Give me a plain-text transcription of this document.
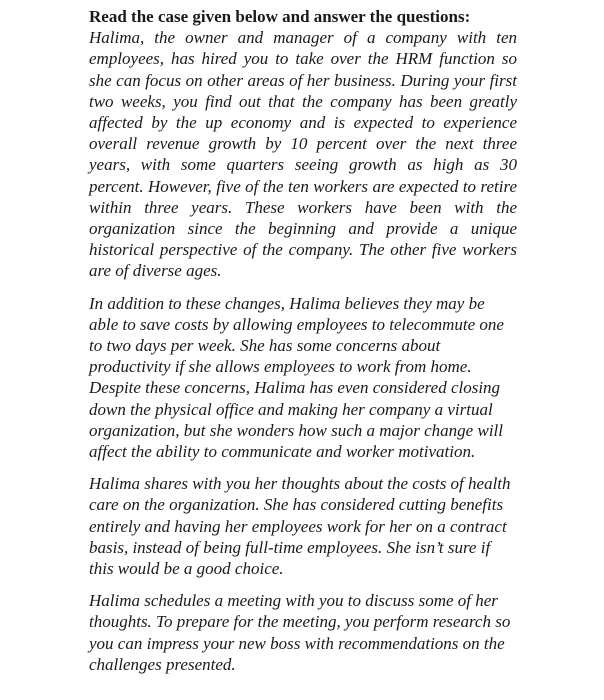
Read the case given below and answer the questions:

Halima, the owner and manager of a company with ten employees, has hired you to take over the HRM function so she can focus on other areas of her business. During your first two weeks, you find out that the company has been greatly affected by the up economy and is expected to experience overall revenue growth by 10 percent over the next three years, with some quarters seeing growth as high as 30 percent. However, five of the ten workers are expected to retire within three years. These workers have been with the organization since the beginning and provide a unique historical perspective of the company. The other five workers are of diverse ages.

In addition to these changes, Halima believes they may be able to save costs by allowing employees to telecommute one to two days per week. She has some concerns about productivity if she allows employees to work from home. Despite these concerns, Halima has even considered closing down the physical office and making her company a virtual organization, but she wonders how such a major change will affect the ability to communicate and worker motivation.

Halima shares with you her thoughts about the costs of health care on the organization. She has considered cutting benefits entirely and having her employees work for her on a contract basis, instead of being full-time employees. She isn’t sure if this would be a good choice.

Halima schedules a meeting with you to discuss some of her thoughts. To prepare for the meeting, you perform research so you can impress your new boss with recommendations on the challenges presented.
